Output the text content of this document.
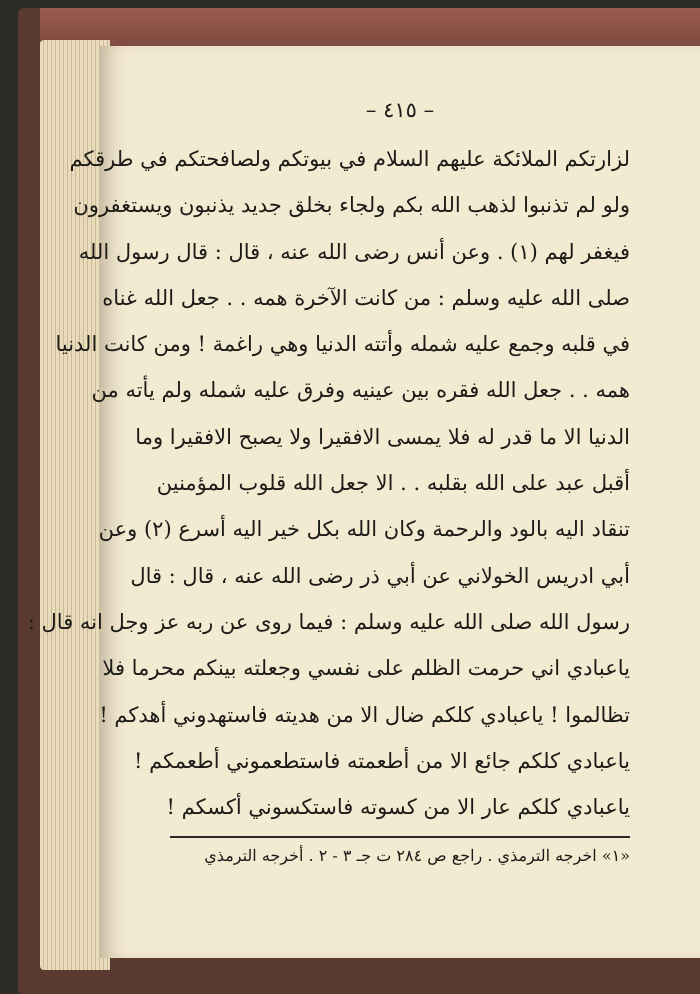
– ٤١٥ –
لزارتكم الملائكة عليهم السلام في بيوتكم ولصافحتكم في طرقكم
ولو لم تذنبوا لذهب الله بكم ولجاء بخلق جديد يذنبون ويستغفرون
فيغفر لهم (١) . وعن أنس رضى الله عنه ، قال : قال رسول الله
صلى الله عليه وسلم : من كانت الآخرة همه . . جعل الله غناه
في قلبه وجمع عليه شمله وأتته الدنيا وهي راغمة ! ومن كانت الدنيا
همه . . جعل الله فقره بين عينيه وفرق عليه شمله ولم يأته من
الدنيا الا ما قدر له فلا يمسى الافقيرا ولا يصبح الافقيرا وما
أقبل عبد على الله بقلبه . . الا جعل الله قلوب المؤمنين
تنقاد اليه بالود والرحمة وكان الله بكل خير اليه أسرع (٢) وعن
أبي ادريس الخولاني عن أبي ذر رضى الله عنه ، قال : قال
رسول الله صلى الله عليه وسلم : فيما روى عن ربه عز وجل انه قال :
ياعبادي اني حرمت الظلم على نفسي وجعلته بينكم محرما فلا
تظالموا ! ياعبادي كلكم ضال الا من هديته فاستهدوني أهدكم !
ياعبادي كلكم جائع الا من أطعمته فاستطعموني أطعمكم !
ياعبادي كلكم عار الا من كسوته فاستكسوني أكسكم !
«١» اخرجه الترمذي . راجع ص ٢٨٤ ت جـ ٣ - ٢ . أخرجه الترمذي
